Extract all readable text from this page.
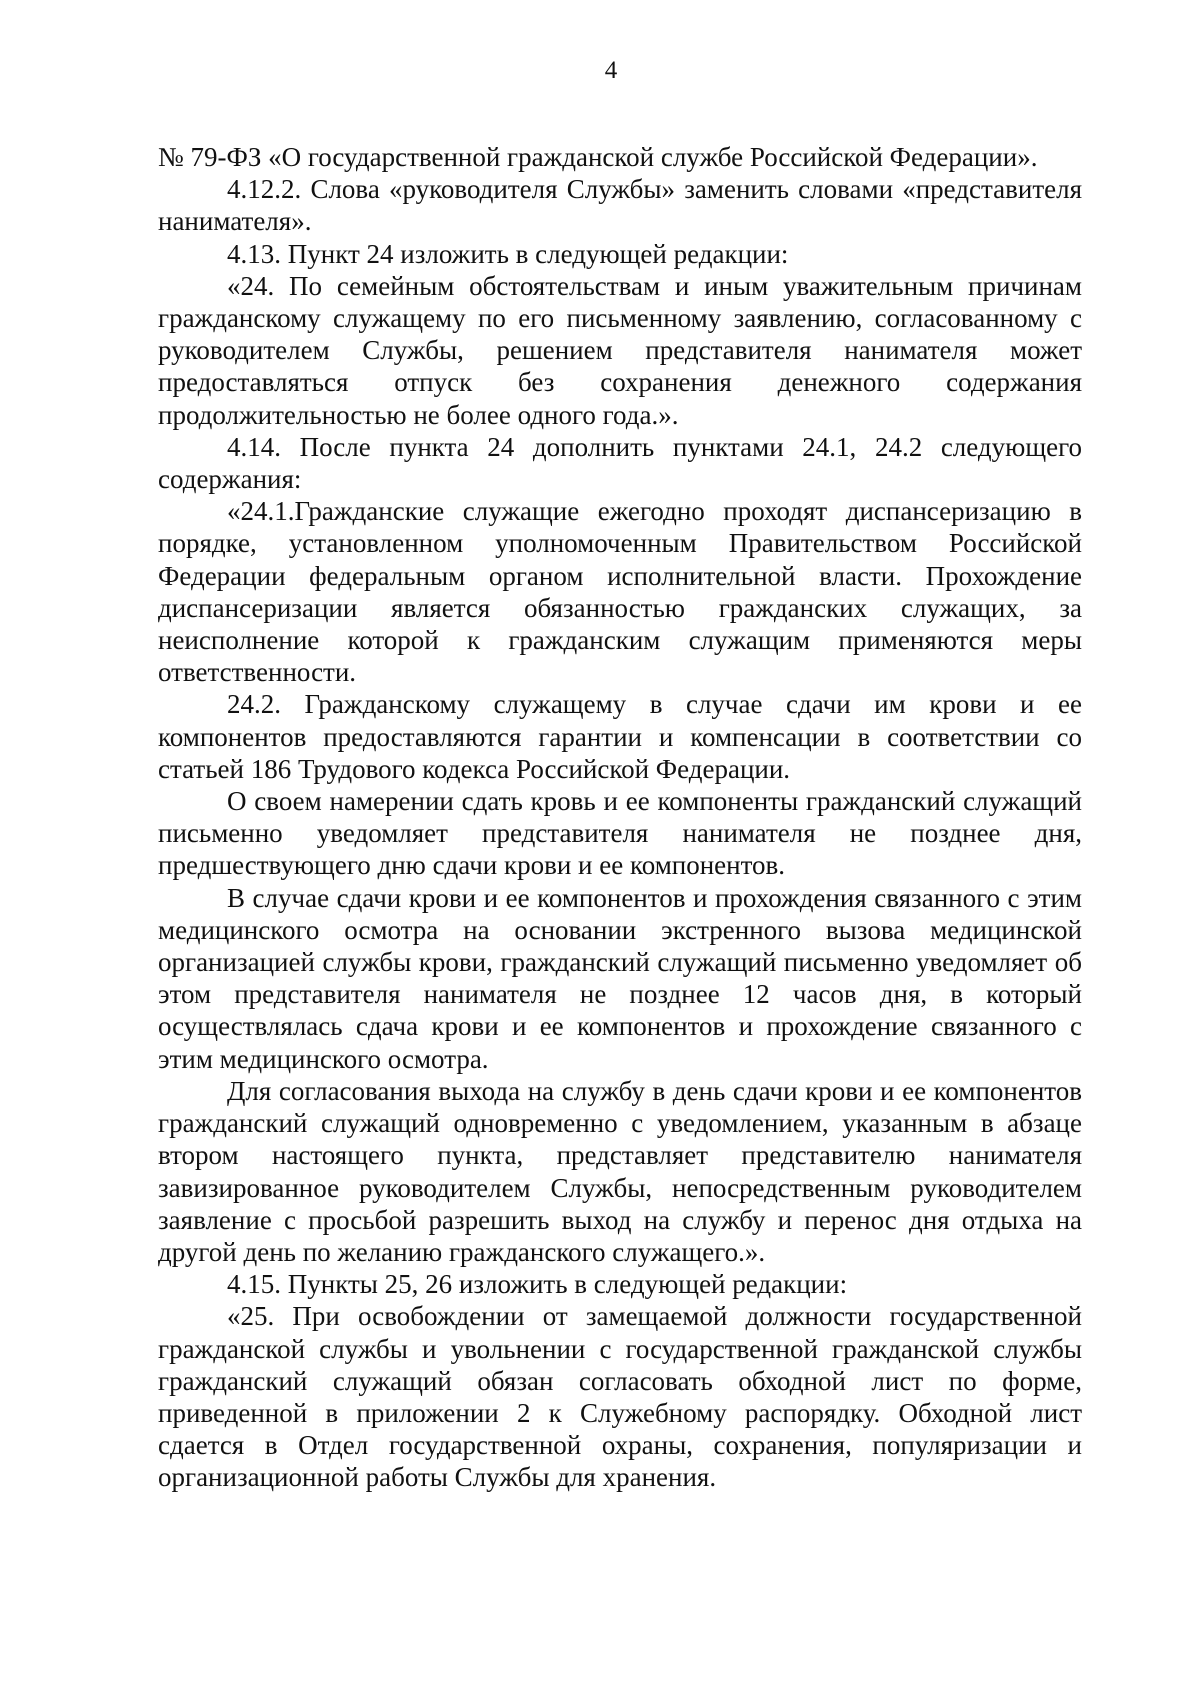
4

№ 79-ФЗ «О государственной гражданской службе Российской Федерации».

4.12.2. Слова «руководителя Службы» заменить словами «представителя нанимателя».

4.13. Пункт 24 изложить в следующей редакции:

«24. По семейным обстоятельствам и иным уважительным причинам гражданскому служащему по его письменному заявлению, согласованному с руководителем Службы, решением представителя нанимателя может предоставляться отпуск без сохранения денежного содержания продолжительностью не более одного года.».

4.14. После пункта 24 дополнить пунктами 24.1, 24.2 следующего содержания:

«24.1.Гражданские служащие ежегодно проходят диспансеризацию в порядке, установленном уполномоченным Правительством Российской Федерации федеральным органом исполнительной власти. Прохождение диспансеризации является обязанностью гражданских служащих, за неисполнение которой к гражданским служащим применяются меры ответственности.

24.2. Гражданскому служащему в случае сдачи им крови и ее компонентов предоставляются гарантии и компенсации в соответствии со статьей 186 Трудового кодекса Российской Федерации.

О своем намерении сдать кровь и ее компоненты гражданский служащий письменно уведомляет представителя нанимателя не позднее дня, предшествующего дню сдачи крови и ее компонентов.

В случае сдачи крови и ее компонентов и прохождения связанного с этим медицинского осмотра на основании экстренного вызова медицинской организацией службы крови, гражданский служащий письменно уведомляет об этом представителя нанимателя не позднее 12 часов дня, в который осуществлялась сдача крови и ее компонентов и прохождение связанного с этим медицинского осмотра.

Для согласования выхода на службу в день сдачи крови и ее компонентов гражданский служащий одновременно с уведомлением, указанным в абзаце втором настоящего пункта, представляет представителю нанимателя завизированное руководителем Службы, непосредственным руководителем заявление с просьбой разрешить выход на службу и перенос дня отдыха на другой день по желанию гражданского служащего.».

4.15. Пункты 25, 26 изложить в следующей редакции:

«25. При освобождении от замещаемой должности государственной гражданской службы и увольнении с государственной гражданской службы гражданский служащий обязан согласовать обходной лист по форме, приведенной в приложении 2 к Служебному распорядку. Обходной лист сдается в Отдел государственной охраны, сохранения, популяризации и организационной работы Службы для хранения.
